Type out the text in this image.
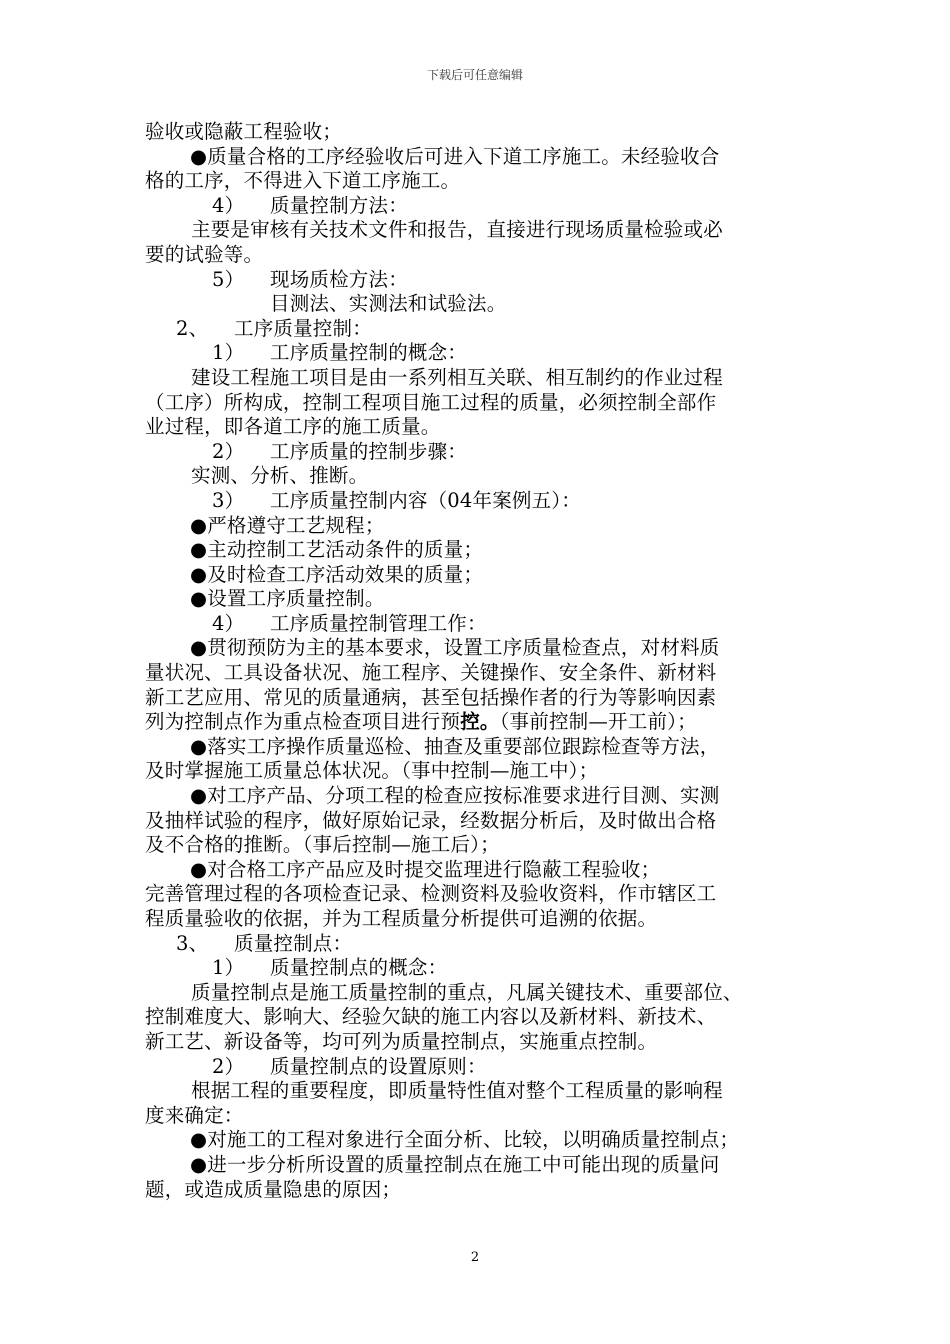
下载后可任意编辑
验收或隐蔽工程验收；
●质量合格的工序经验收后可进入下道工序施工。未经验收合
格的工序，不得进入下道工序施工。
4） 质量控制方法：
主要是审核有关技术文件和报告，直接进行现场质量检验或必
要的试验等。
5） 现场质检方法：
目测法、实测法和试验法。
2、 工序质量控制：
1） 工序质量控制的概念：
建设工程施工项目是由一系列相互关联、相互制约的作业过程
（工序）所构成，控制工程项目施工过程的质量，必须控制全部作
业过程，即各道工序的施工质量。
2） 工序质量的控制步骤：
实测、分析、推断。
3） 工序质量控制内容（04年案例五）：
●严格遵守工艺规程；
●主动控制工艺活动条件的质量；
●及时检查工序活动效果的质量；
●设置工序质量控制。
4） 工序质量控制管理工作：
●贯彻预防为主的基本要求，设置工序质量检查点，对材料质
量状况、工具设备状况、施工程序、关键操作、安全条件、新材料
新工艺应用、常见的质量通病，甚至包括操作者的行为等影响因素
列为控制点作为重点检查项目进行预控。（事前控制—开工前）；
●落实工序操作质量巡检、抽查及重要部位跟踪检查等方法，
及时掌握施工质量总体状况。（事中控制—施工中）；
●对工序产品、分项工程的检查应按标准要求进行目测、实测
及抽样试验的程序，做好原始记录，经数据分析后，及时做出合格
及不合格的推断。（事后控制—施工后）；
●对合格工序产品应及时提交监理进行隐蔽工程验收；
完善管理过程的各项检查记录、检测资料及验收资料，作市辖区工
程质量验收的依据，并为工程质量分析提供可追溯的依据。
3、 质量控制点：
1） 质量控制点的概念：
质量控制点是施工质量控制的重点，凡属关键技术、重要部位、
控制难度大、影响大、经验欠缺的施工内容以及新材料、新技术、
新工艺、新设备等，均可列为质量控制点，实施重点控制。
2） 质量控制点的设置原则：
根据工程的重要程度，即质量特性值对整个工程质量的影响程
度来确定：
●对施工的工程对象进行全面分析、比较，以明确质量控制点；
●进一步分析所设置的质量控制点在施工中可能出现的质量问
题，或造成质量隐患的原因；
2
